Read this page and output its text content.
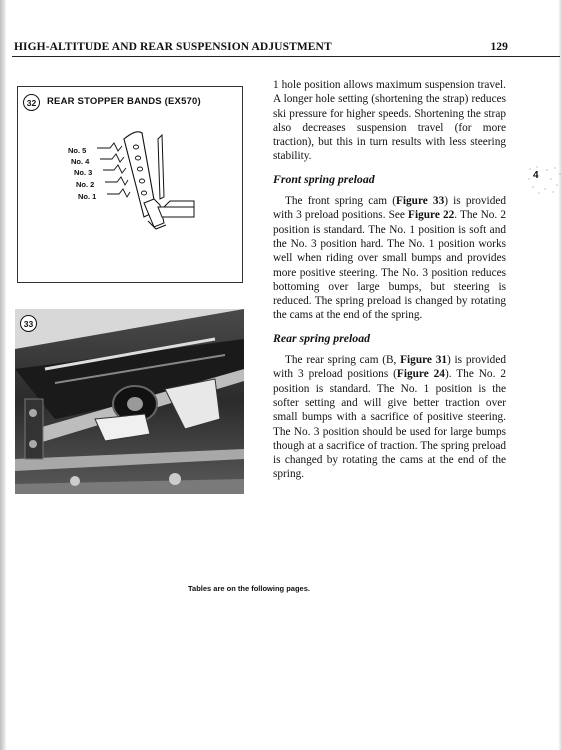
HIGH-ALTITUDE AND REAR SUSPENSION ADJUSTMENT	129
32	REAR STOPPER BANDS (EX570)
No. 5
No. 4
No. 3
No. 2
No. 1
33

1 hole position allows maximum suspension travel. A longer hole setting (shortening the strap) reduces ski pressure for higher speeds. Shortening the strap also decreases suspension travel (for more traction), but this in turn results with less steering stability.

Front spring preload

The front spring cam (Figure 33) is provided with 3 preload positions. See Figure 22. The No. 2 position is standard. The No. 1 position is soft and the No. 3 position hard. The No. 1 position works well when riding over small bumps and provides more positive steering. The No. 3 position reduces bottoming over large bumps, but steering is reduced. The spring preload is changed by rotating the cams at the end of the spring.

Rear spring preload

The rear spring cam (B, Figure 31) is provided with 3 preload positions (Figure 24). The No. 2 position is standard. The No. 1 position is the softer setting and will give better traction over small bumps with a sacrifice of positive steering. The No. 3 position should be used for large bumps though at a sacrifice of traction. The spring preload is changed by rotating the cams at the end of the spring.

4
Tables are on the following pages.
